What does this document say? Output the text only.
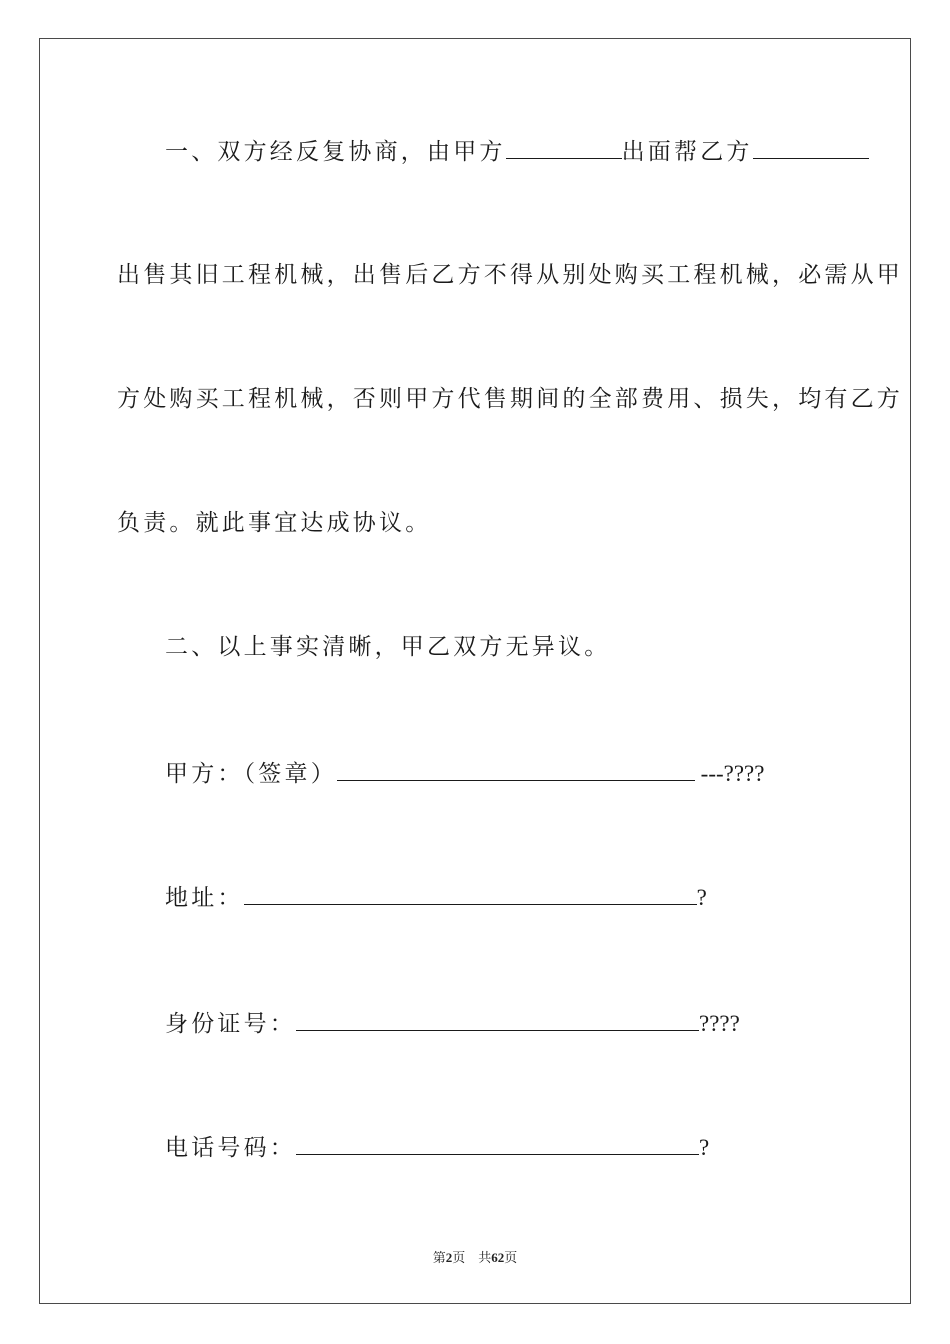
一、双方经反复协商，由甲方	出面帮乙方
出售其旧工程机械，出售后乙方不得从别处购买工程机械，必需从甲
方处购买工程机械，否则甲方代售期间的全部费用、损失，均有乙方
负责。就此事宜达成协议。
二、以上事实清晰，甲乙双方无异议。
甲方：（签章）	---????
地址：	?
身份证号：	????
电话号码：	?
第2页　共62页
